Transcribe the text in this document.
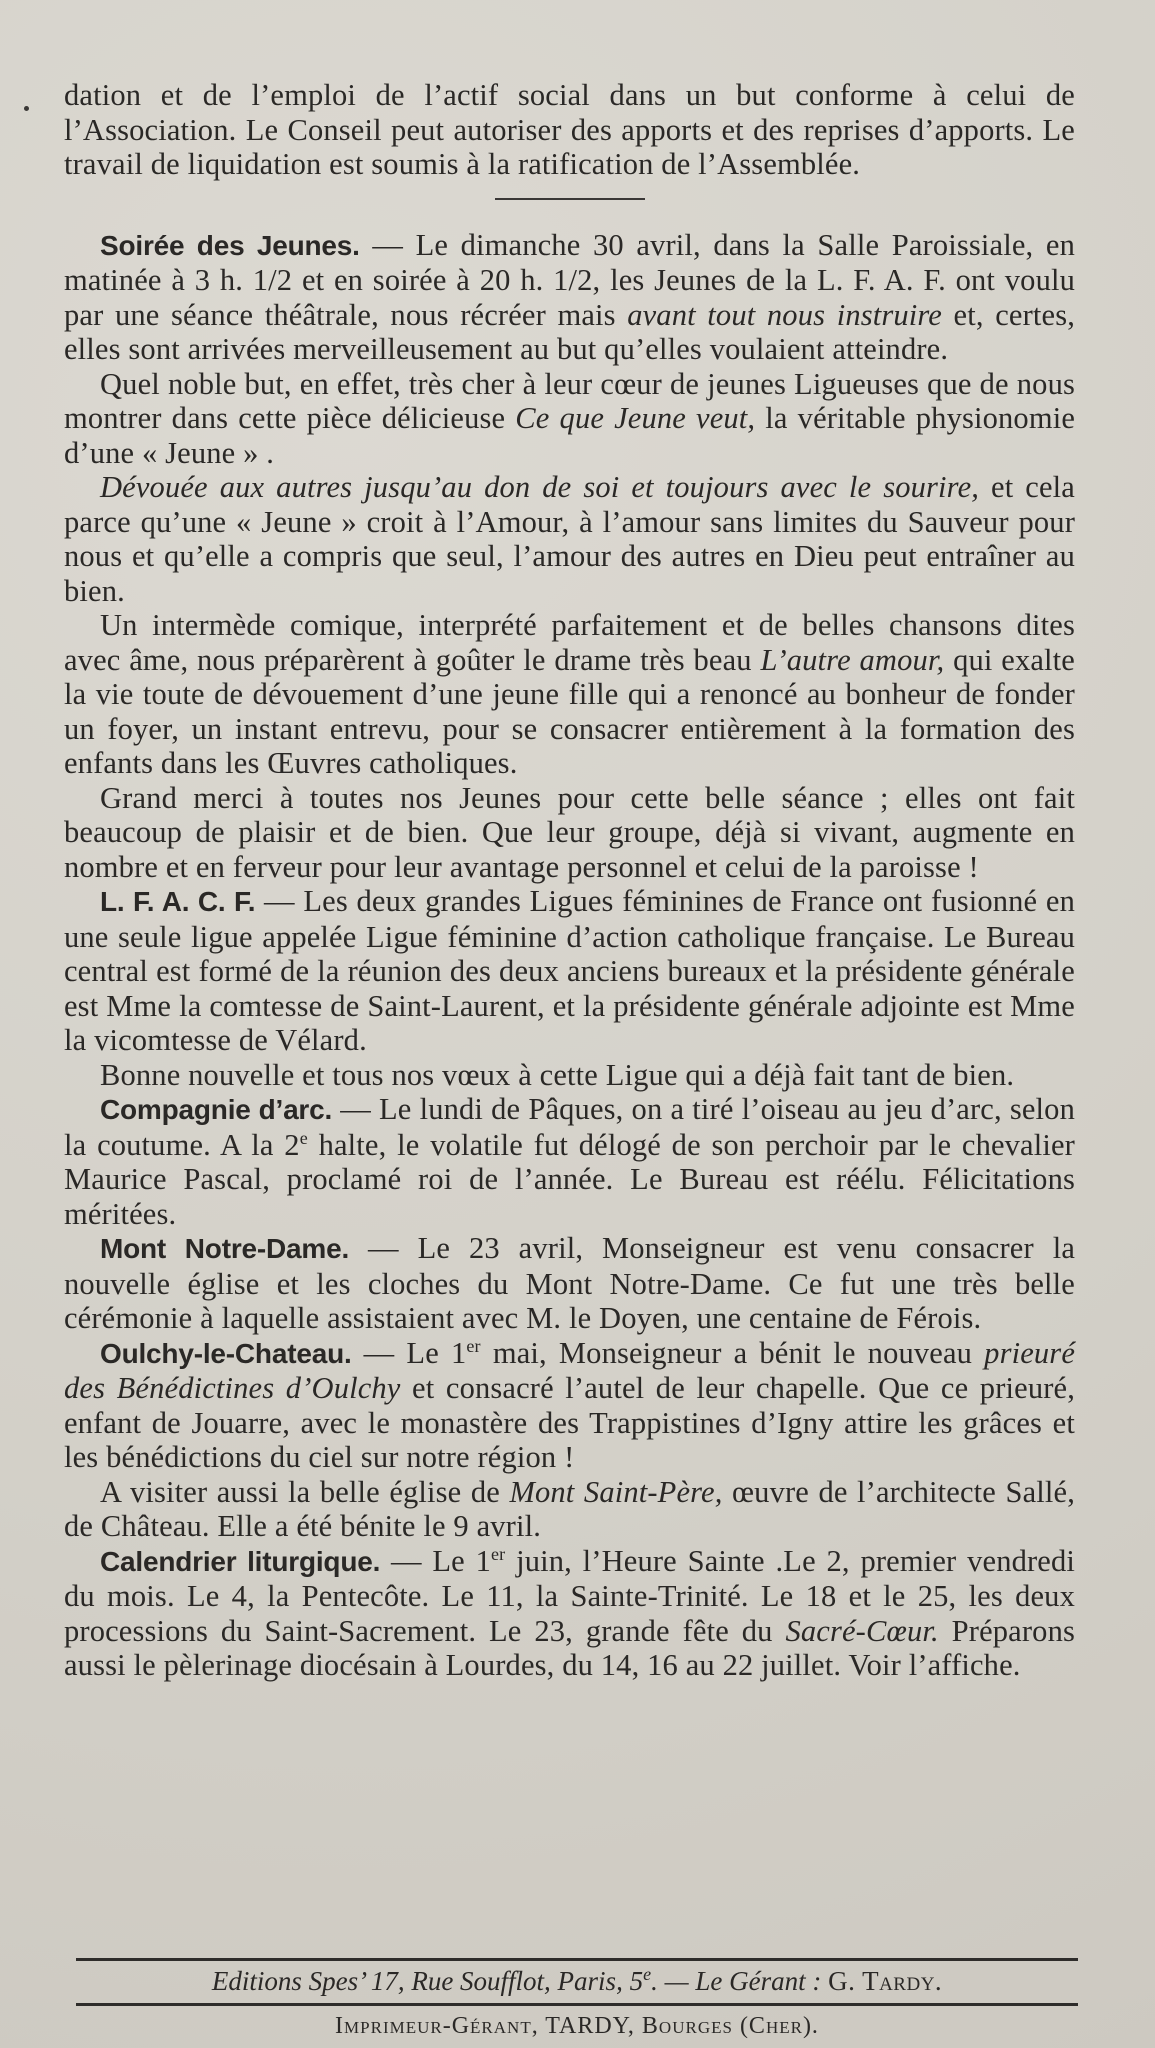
dation et de l’emploi de l’actif social dans un but conforme à celui de l’Association. Le Conseil peut autoriser des apports et des reprises d’apports. Le travail de liquidation est soumis à la ratification de l’Assemblée.

Soirée des Jeunes. — Le dimanche 30 avril, dans la Salle Paroissiale, en matinée à 3 h. 1/2 et en soirée à 20 h. 1/2, les Jeunes de la L. F. A. F. ont voulu par une séance théâtrale, nous récréer mais avant tout nous instruire et, certes, elles sont arrivées merveilleusement au but qu’elles voulaient atteindre.

Quel noble but, en effet, très cher à leur cœur de jeunes Ligueuses que de nous montrer dans cette pièce délicieuse Ce que Jeune veut, la véritable physionomie d’une « Jeune » .

Dévouée aux autres jusqu’au don de soi et toujours avec le sourire, et cela parce qu’une « Jeune » croit à l’Amour, à l’amour sans limites du Sauveur pour nous et qu’elle a compris que seul, l’amour des autres en Dieu peut entraîner au bien.

Un intermède comique, interprété parfaitement et de belles chansons dites avec âme, nous préparèrent à goûter le drame très beau L’autre amour, qui exalte la vie toute de dévouement d’une jeune fille qui a renoncé au bonheur de fonder un foyer, un instant entrevu, pour se consacrer entièrement à la formation des enfants dans les Œuvres catholiques.

Grand merci à toutes nos Jeunes pour cette belle séance ; elles ont fait beaucoup de plaisir et de bien. Que leur groupe, déjà si vivant, augmente en nombre et en ferveur pour leur avantage personnel et celui de la paroisse !

L. F. A. C. F. — Les deux grandes Ligues féminines de France ont fusionné en une seule ligue appelée Ligue féminine d’action catholique française. Le Bureau central est formé de la réunion des deux anciens bureaux et la présidente générale est Mme la comtesse de Saint-Laurent, et la présidente générale adjointe est Mme la vicomtesse de Vélard.

Bonne nouvelle et tous nos vœux à cette Ligue qui a déjà fait tant de bien.

Compagnie d’arc. — Le lundi de Pâques, on a tiré l’oiseau au jeu d’arc, selon la coutume. A la 2e halte, le volatile fut délogé de son perchoir par le chevalier Maurice Pascal, proclamé roi de l’année. Le Bureau est réélu. Félicitations méritées.

Mont Notre-Dame. — Le 23 avril, Monseigneur est venu consacrer la nouvelle église et les cloches du Mont Notre-Dame. Ce fut une très belle cérémonie à laquelle assistaient avec M. le Doyen, une centaine de Férois.

Oulchy-le-Chateau. — Le 1er mai, Monseigneur a bénit le nouveau prieuré des Bénédictines d’Oulchy et consacré l’autel de leur chapelle. Que ce prieuré, enfant de Jouarre, avec le monastère des Trappistines d’Igny attire les grâces et les bénédictions du ciel sur notre région !

A visiter aussi la belle église de Mont Saint-Père, œuvre de l’architecte Sallé, de Château. Elle a été bénite le 9 avril.

Calendrier liturgique. — Le 1er juin, l’Heure Sainte .Le 2, premier vendredi du mois. Le 4, la Pentecôte. Le 11, la Sainte-Trinité. Le 18 et le 25, les deux processions du Saint-Sacrement. Le 23, grande fête du Sacré-Cœur. Préparons aussi le pèlerinage diocésain à Lourdes, du 14, 16 au 22 juillet. Voir l’affiche.

Editions Spes’ 17, Rue Soufflot, Paris, 5e. — Le Gérant : G. Tardy.
Imprimeur-Gérant, TARDY, Bourges (Cher).
